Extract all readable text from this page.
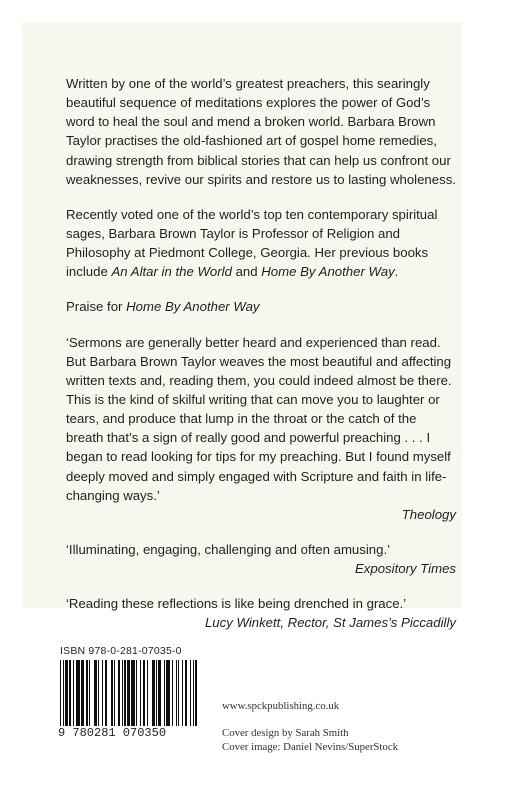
Written by one of the world’s greatest preachers, this searingly beautiful sequence of meditations explores the power of God’s word to heal the soul and mend a broken world. Barbara Brown Taylor practises the old-fashioned art of gospel home remedies, drawing strength from biblical stories that can help us confront our weaknesses, revive our spirits and restore us to lasting wholeness.

Recently voted one of the world’s top ten contemporary spiritual sages, Barbara Brown Taylor is Professor of Religion and Philosophy at Piedmont College, Georgia. Her previous books include An Altar in the World and Home By Another Way.

Praise for Home By Another Way

‘Sermons are generally better heard and experienced than read. But Barbara Brown Taylor weaves the most beautiful and affecting written texts and, reading them, you could indeed almost be there. This is the kind of skilful writing that can move you to laughter or tears, and produce that lump in the throat or the catch of the breath that’s a sign of really good and powerful preaching . . . I began to read looking for tips for my preaching. But I found myself deeply moved and simply engaged with Scripture and faith in life-changing ways.’

Theology

‘Illuminating, engaging, challenging and often amusing.’

Expository Times

‘Reading these reflections is like being drenched in grace.’

Lucy Winkett, Rector, St James’s Piccadilly

ISBN 978-0-281-07035-0
9 780281 070350
www.spckpublishing.co.uk
Cover design by Sarah Smith
Cover image: Daniel Nevins/SuperStock
